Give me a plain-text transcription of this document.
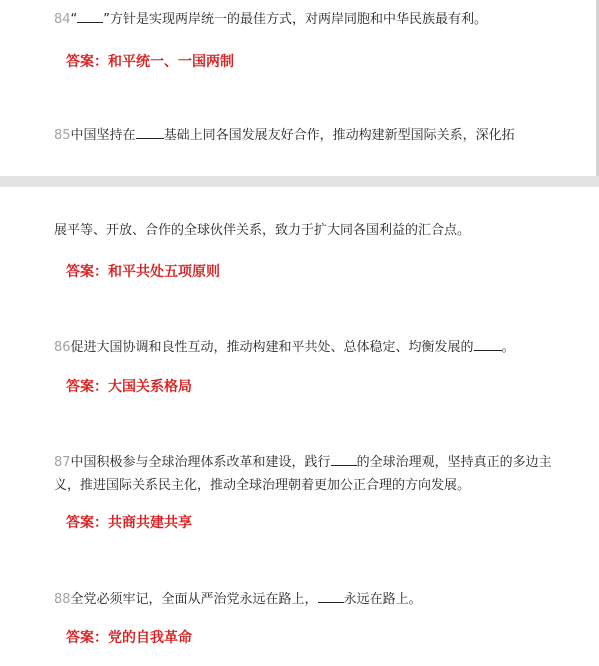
84“ ”方针是实现两岸统一的最佳方式，对两岸同胞和中华民族最有利。
答案：和平统一、一国两制
85中国坚持在 基础上同各国发展友好合作，推动构建新型国际关系，深化拓
展平等、开放、合作的全球伙伴关系，致力于扩大同各国利益的汇合点。
答案：和平共处五项原则
86促进大国协调和良性互动，推动构建和平共处、总体稳定、均衡发展的 。
答案：大国关系格局
87中国积极参与全球治理体系改革和建设，践行 的全球治理观，坚持真正的多边主义，推进国际关系民主化，推动全球治理朝着更加公正合理的方向发展。
答案：共商共建共享
88全党必须牢记，全面从严治党永远在路上， 永远在路上。
答案：党的自我革命
